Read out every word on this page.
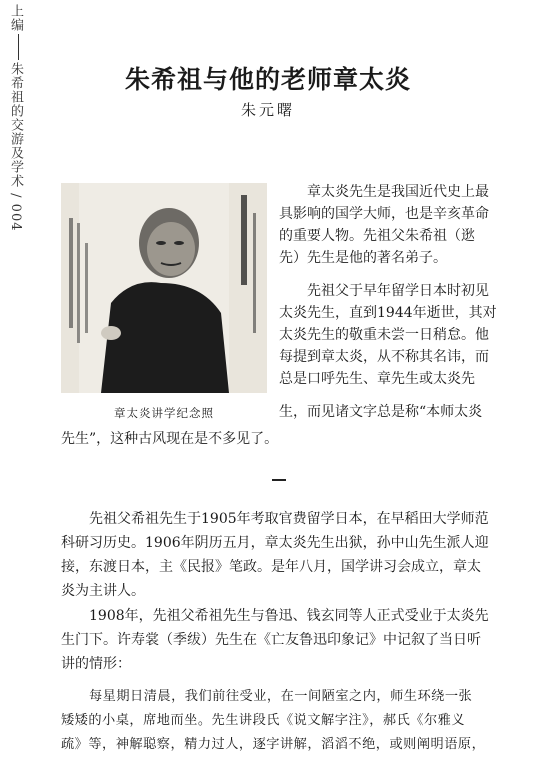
上编朱希祖的交游及学术 / 004
朱希祖与他的老师章太炎
朱元曙
章太炎讲学纪念照
章太炎先生是我国近代史上最
具影响的国学大师，也是辛亥革命
的重要人物。先祖父朱希祖（逖
先）先生是他的著名弟子。
先祖父于早年留学日本时初见
太炎先生，直到1944年逝世，其对
太炎先生的敬重未尝一日稍怠。他
每提到章太炎，从不称其名讳，而
总是口呼先生、章先生或太炎先
生，而见诸文字总是称“本师太炎
先生”，这种古风现在是不多见了。
先祖父希祖先生于1905年考取官费留学日本，在早稻田大学师范
科研习历史。1906年阴历五月，章太炎先生出狱，孙中山先生派人迎
接，东渡日本，主《民报》笔政。是年八月，国学讲习会成立，章太
炎为主讲人。
1908年，先祖父希祖先生与鲁迅、钱玄同等人正式受业于太炎先
生门下。许寿裳（季绂）先生在《亡友鲁迅印象记》中记叙了当日听
讲的情形：
每星期日清晨，我们前往受业，在一间陋室之内，师生环绕一张
矮矮的小桌，席地而坐。先生讲段氏《说文解字注》，郝氏《尔雅义
疏》等，神解聪察，精力过人，逐字讲解，滔滔不绝，或则阐明语原，
